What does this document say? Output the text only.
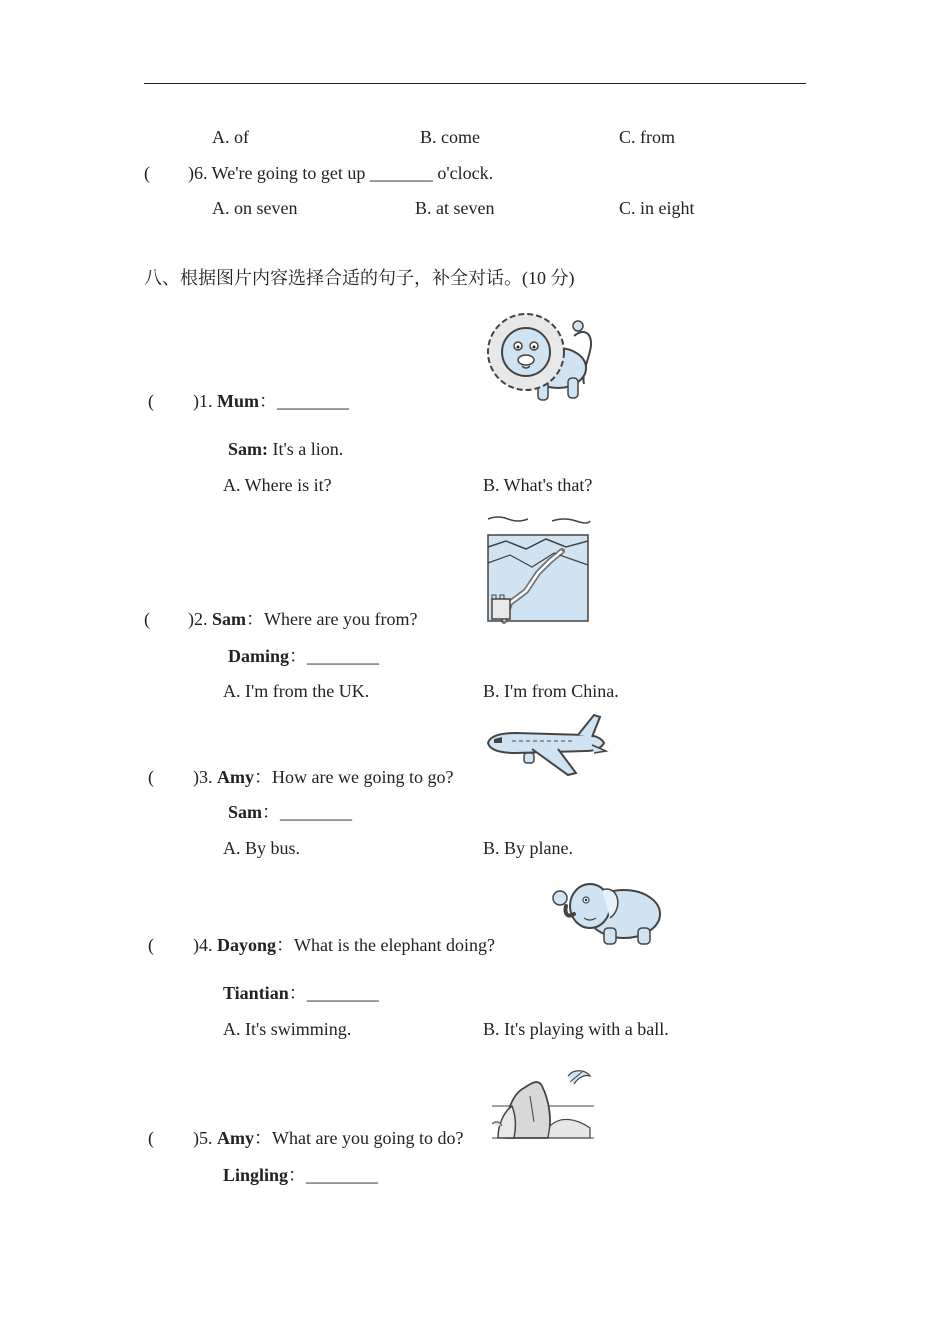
A. of	B. come	C. from
( )6. We're going to get up _______ o'clock.
A. on seven	B. at seven	C. in eight
八、根据图片内容选择合适的句子，补全对话。(10 分)
( )1. Mum：________
Sam: It's a lion.
A. Where is it?	B. What's that?
( )2. Sam：Where are you from?
Daming：________
A. I'm from the UK.	B. I'm from China.
( )3. Amy：How are we going to go?
Sam：________
A. By bus.	B. By plane.
( )4. Dayong：What is the elephant doing?
Tiantian：________
A. It's swimming.	B. It's playing with a ball.
( )5. Amy：What are you going to do?
Lingling：________
